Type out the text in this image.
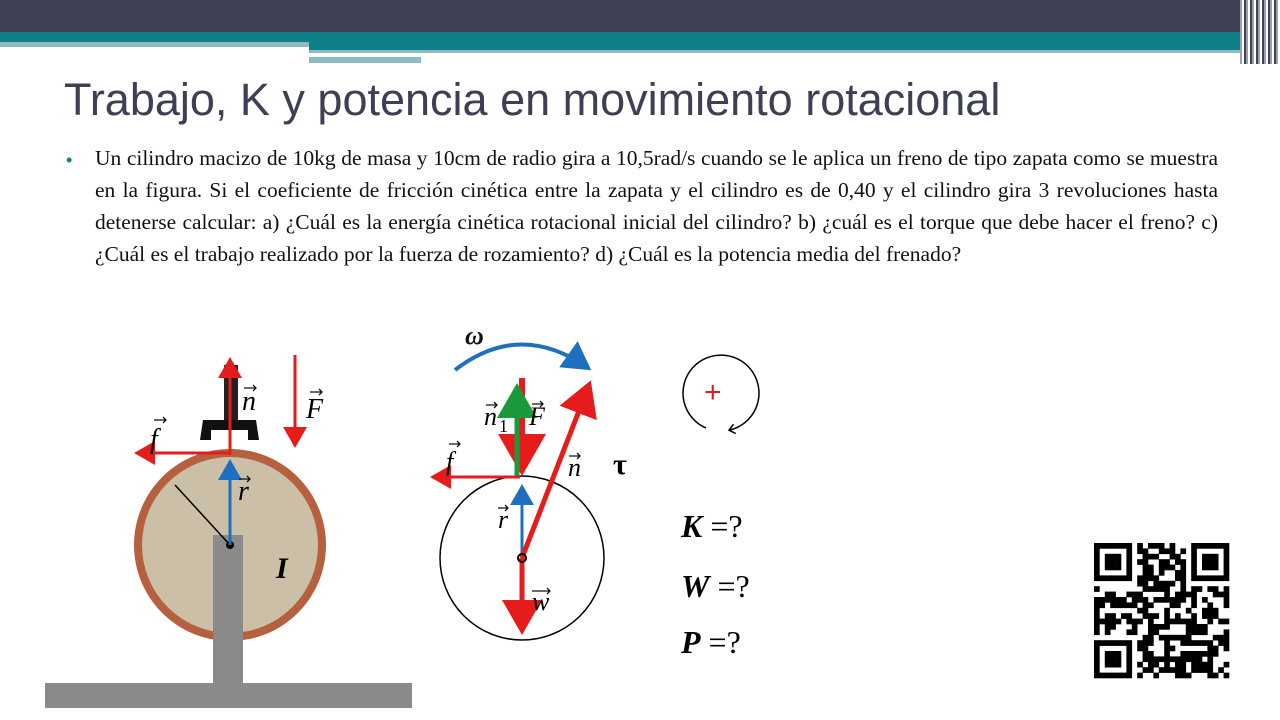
Trabajo, K y potencia en movimiento rotacional
• Un cilindro macizo de 10kg de masa y 10cm de radio gira a 10,5rad/s cuando se le aplica un freno de tipo zapata como se muestra en la figura. Si el coeficiente de fricción cinética entre la zapata y el cilindro es de 0,40 y el cilindro gira 3 revoluciones hasta detenerse calcular: a) ¿Cuál es la energía cinética rotacional inicial del cilindro? b) ¿cuál es el torque que debe hacer el freno? c) ¿Cuál es el trabajo realizado por la fuerza de rozamiento? d) ¿Cuál es la potencia media del frenado?
n F
f
r
I
ω
n 1 F
f	n τ
r
w
+
K =?
W =?
P =?
